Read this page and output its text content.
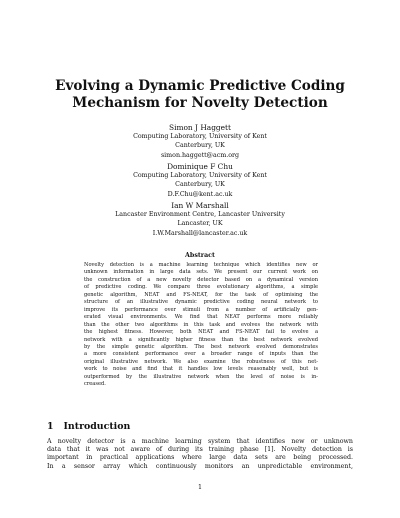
Evolving a Dynamic Predictive Coding
Mechanism for Novelty Detection
Simon J Haggett
Computing Laboratory, University of Kent
Canterbury, UK
simon.haggett@acm.org
Dominique F Chu
Computing Laboratory, University of Kent
Canterbury, UK
D.F.Chu@kent.ac.uk
Ian W Marshall
Lancaster Environment Centre, Lancaster University
Lancaster, UK
I.W.Marshall@lancaster.ac.uk
Abstract
Novelty detection is a machine learning technique which identifies new or
unknown information in large data sets. We present our current work on
the construction of a new novelty detector based on a dynamical version
of predictive coding. We compare three evolutionary algorithms, a simple
genetic algorithm, NEAT and FS-NEAT, for the task of optimising the
structure of an illustrative dynamic predictive coding neural network to
improve its performance over stimuli from a number of artificially gen-
erated visual environments. We find that NEAT performs more reliably
than the other two algorithms in this task and evolves the network with
the highest fitness. However, both NEAT and FS-NEAT fail to evolve a
network with a significantly higher fitness than the best network evolved
by the simple genetic algorithm. The best network evolved demonstrates
a more consistent performance over a broader range of inputs than the
original illustrative network. We also examine the robustness of this net-
work to noise and find that it handles low levels reasonably well, but is
outperformed by the illustrative network when the level of noise is in-
creased.
1 Introduction
A novelty detector is a machine learning system that identifies new or unknown
data that it was not aware of during its training phase [1]. Novelty detection is
important in practical applications where large data sets are being processed.
In a sensor array which continuously monitors an unpredictable environment,
1
